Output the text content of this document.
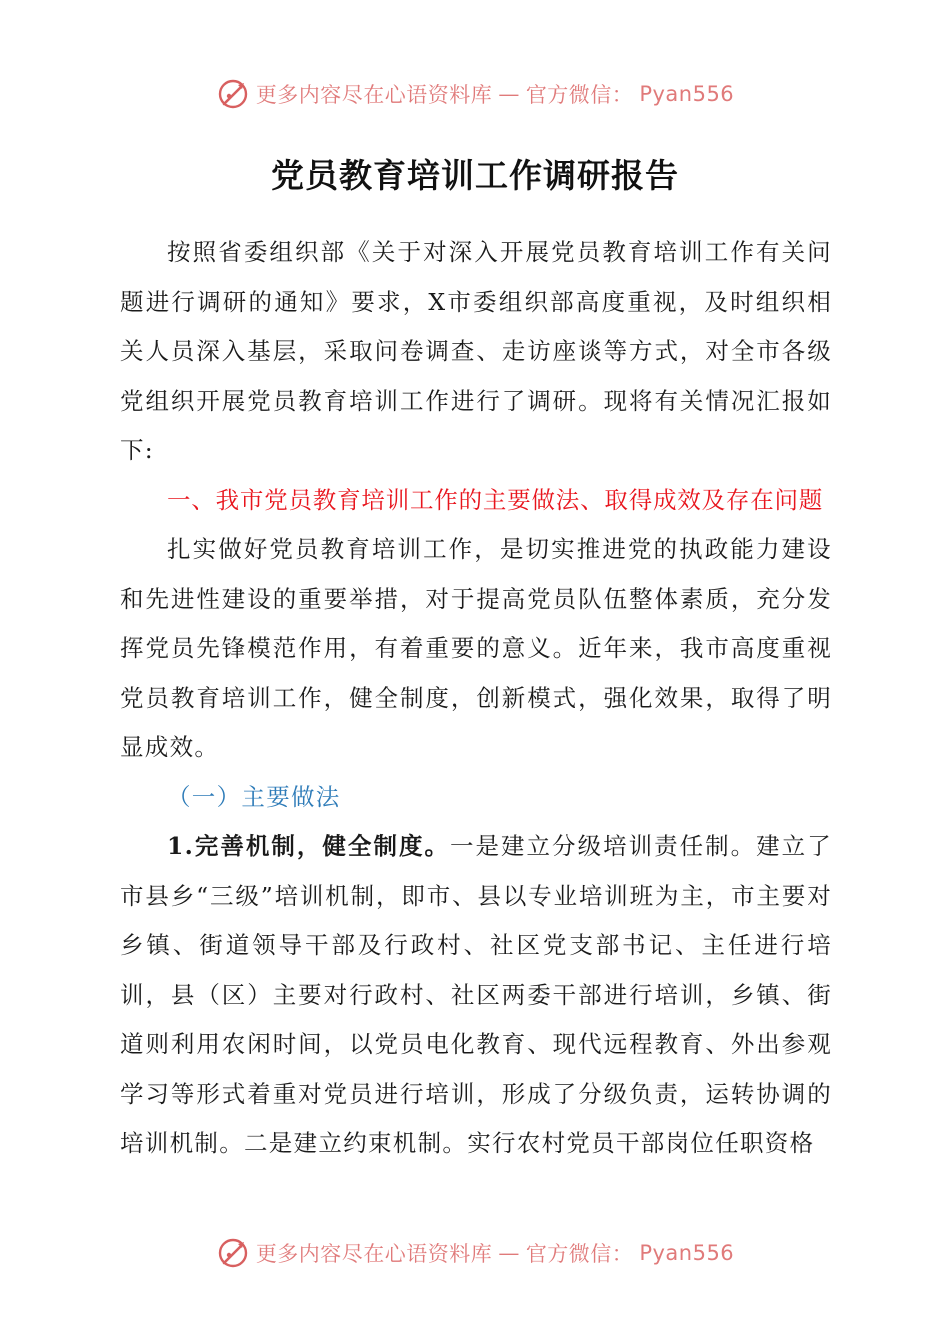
更多内容尽在心语资料库 — 官方微信： Pyan556
党员教育培训工作调研报告

按照省委组织部《关于对深入开展党员教育培训工作有关问题进行调研的通知》要求，X市委组织部高度重视，及时组织相关人员深入基层，采取问卷调查、走访座谈等方式，对全市各级党组织开展党员教育培训工作进行了调研。现将有关情况汇报如下:

一、我市党员教育培训工作的主要做法、取得成效及存在问题

扎实做好党员教育培训工作，是切实推进党的执政能力建设和先进性建设的重要举措，对于提高党员队伍整体素质，充分发挥党员先锋模范作用，有着重要的意义。近年来，我市高度重视党员教育培训工作，健全制度，创新模式，强化效果，取得了明显成效。

（一）主要做法

1.完善机制，健全制度。一是建立分级培训责任制。建立了市县乡“三级”培训机制，即市、县以专业培训班为主，市主要对乡镇、街道领导干部及行政村、社区党支部书记、主任进行培训，县（区）主要对行政村、社区两委干部进行培训，乡镇、街道则利用农闲时间，以党员电化教育、现代远程教育、外出参观学习等形式着重对党员进行培训，形成了分级负责，运转协调的培训机制。二是建立约束机制。实行农村党员干部岗位任职资格

更多内容尽在心语资料库 — 官方微信： Pyan556
